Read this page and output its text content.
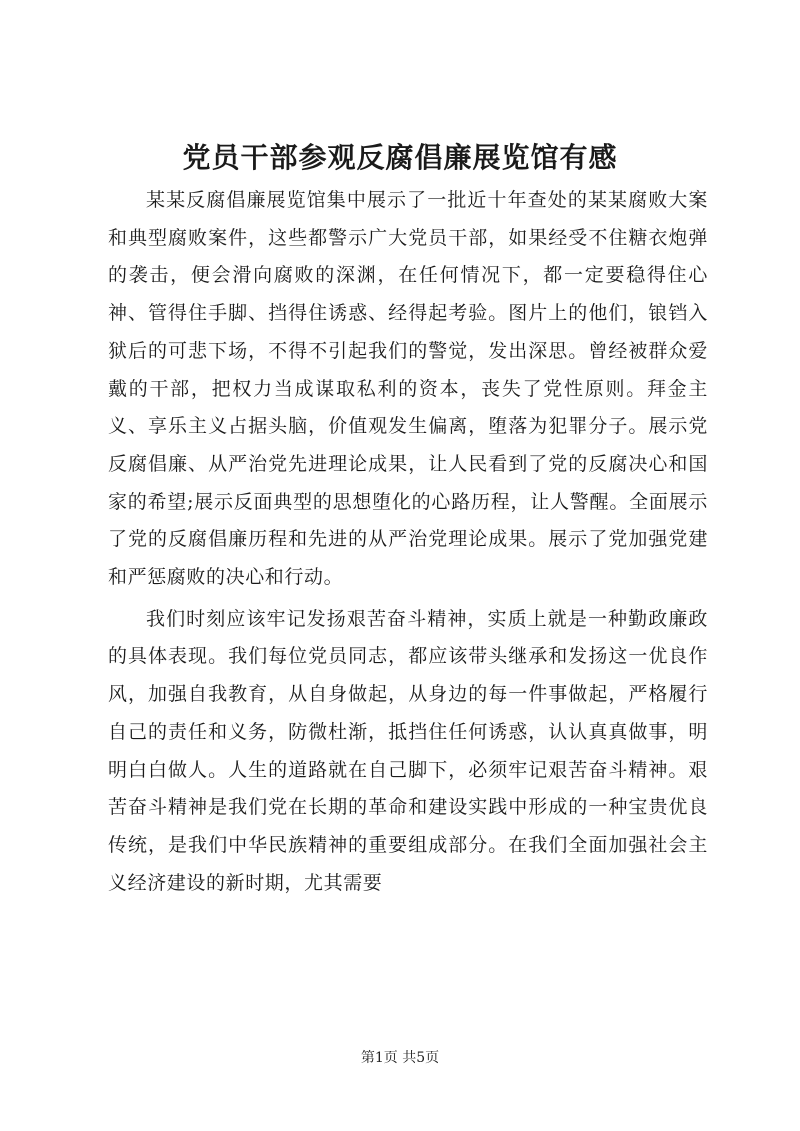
党员干部参观反腐倡廉展览馆有感

某某反腐倡廉展览馆集中展示了一批近十年查处的某某腐败大案和典型腐败案件，这些都警示广大党员干部，如果经受不住糖衣炮弹的袭击，便会滑向腐败的深渊，在任何情况下，都一定要稳得住心神、管得住手脚、挡得住诱惑、经得起考验。图片上的他们，锒铛入狱后的可悲下场，不得不引起我们的警觉，发出深思。曾经被群众爱戴的干部，把权力当成谋取私利的资本，丧失了党性原则。拜金主义、享乐主义占据头脑，价值观发生偏离，堕落为犯罪分子。展示党反腐倡廉、从严治党先进理论成果，让人民看到了党的反腐决心和国家的希望;展示反面典型的思想堕化的心路历程，让人警醒。全面展示了党的反腐倡廉历程和先进的从严治党理论成果。展示了党加强党建和严惩腐败的决心和行动。

我们时刻应该牢记发扬艰苦奋斗精神，实质上就是一种勤政廉政的具体表现。我们每位党员同志，都应该带头继承和发扬这一优良作风，加强自我教育，从自身做起，从身边的每一件事做起，严格履行自己的责任和义务，防微杜渐，抵挡住任何诱惑，认认真真做事，明明白白做人。人生的道路就在自己脚下，必须牢记艰苦奋斗精神。艰苦奋斗精神是我们党在长期的革命和建设实践中形成的一种宝贵优良传统，是我们中华民族精神的重要组成部分。在我们全面加强社会主义经济建设的新时期，尤其需要

第1页 共5页
